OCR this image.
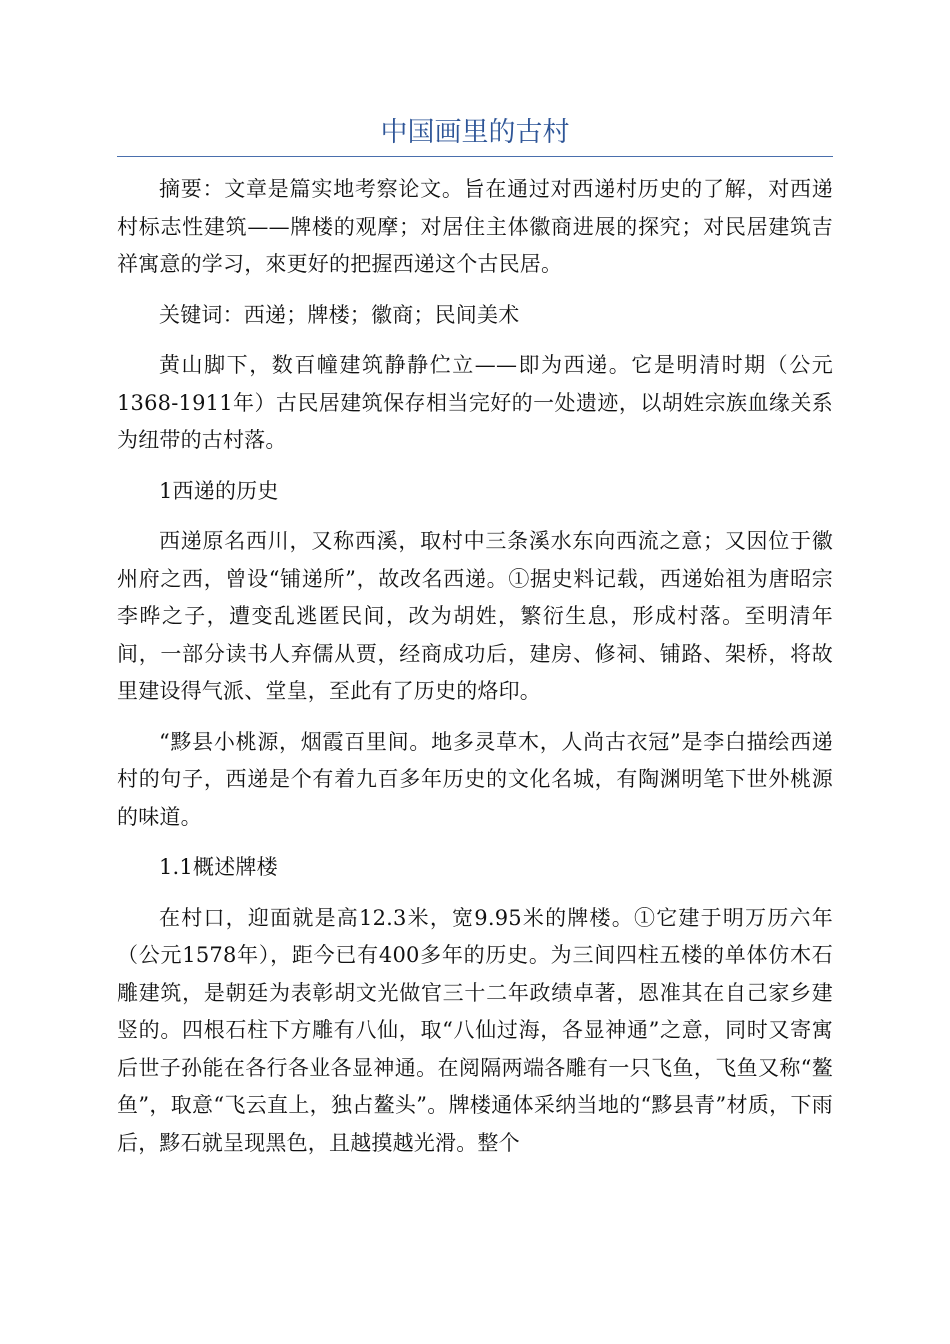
中国画里的古村

摘要：文章是篇实地考察论文。旨在通过对西递村历史的了解，对西递村标志性建筑——牌楼的观摩；对居住主体徽商进展的探究；对民居建筑吉祥寓意的学习，來更好的把握西递这个古民居。

关键词：西递；牌楼；徽商；民间美术

黄山脚下，数百幢建筑静静伫立——即为西递。它是明清时期（公元1368-1911年）古民居建筑保存相当完好的一处遗迹，以胡姓宗族血缘关系为纽带的古村落。

1西递的历史

西递原名西川，又称西溪，取村中三条溪水东向西流之意；又因位于徽州府之西，曾设“铺递所”，故改名西递。①据史料记载，西递始祖为唐昭宗李晔之子，遭变乱逃匿民间，改为胡姓，繁衍生息，形成村落。至明清年间，一部分读书人弃儒从贾，经商成功后，建房、修祠、铺路、架桥，将故里建设得气派、堂皇，至此有了历史的烙印。

“黟县小桃源，烟霞百里间。地多灵草木，人尚古衣冠”是李白描绘西递村的句子，西递是个有着九百多年历史的文化名城，有陶渊明笔下世外桃源的味道。

1.1概述牌楼

在村口，迎面就是高12.3米，宽9.95米的牌楼。①它建于明万历六年（公元1578年），距今已有400多年的历史。为三间四柱五楼的单体仿木石雕建筑，是朝廷为表彰胡文光做官三十二年政绩卓著，恩准其在自己家乡建竖的。四根石柱下方雕有八仙，取“八仙过海，各显神通”之意，同时又寄寓后世子孙能在各行各业各显神通。在阅隔两端各雕有一只飞鱼，飞鱼又称“鳌鱼”，取意“飞云直上，独占鳌头”。牌楼通体采纳当地的“黟县青”材质，下雨后，黟石就呈现黑色，且越摸越光滑。整个
